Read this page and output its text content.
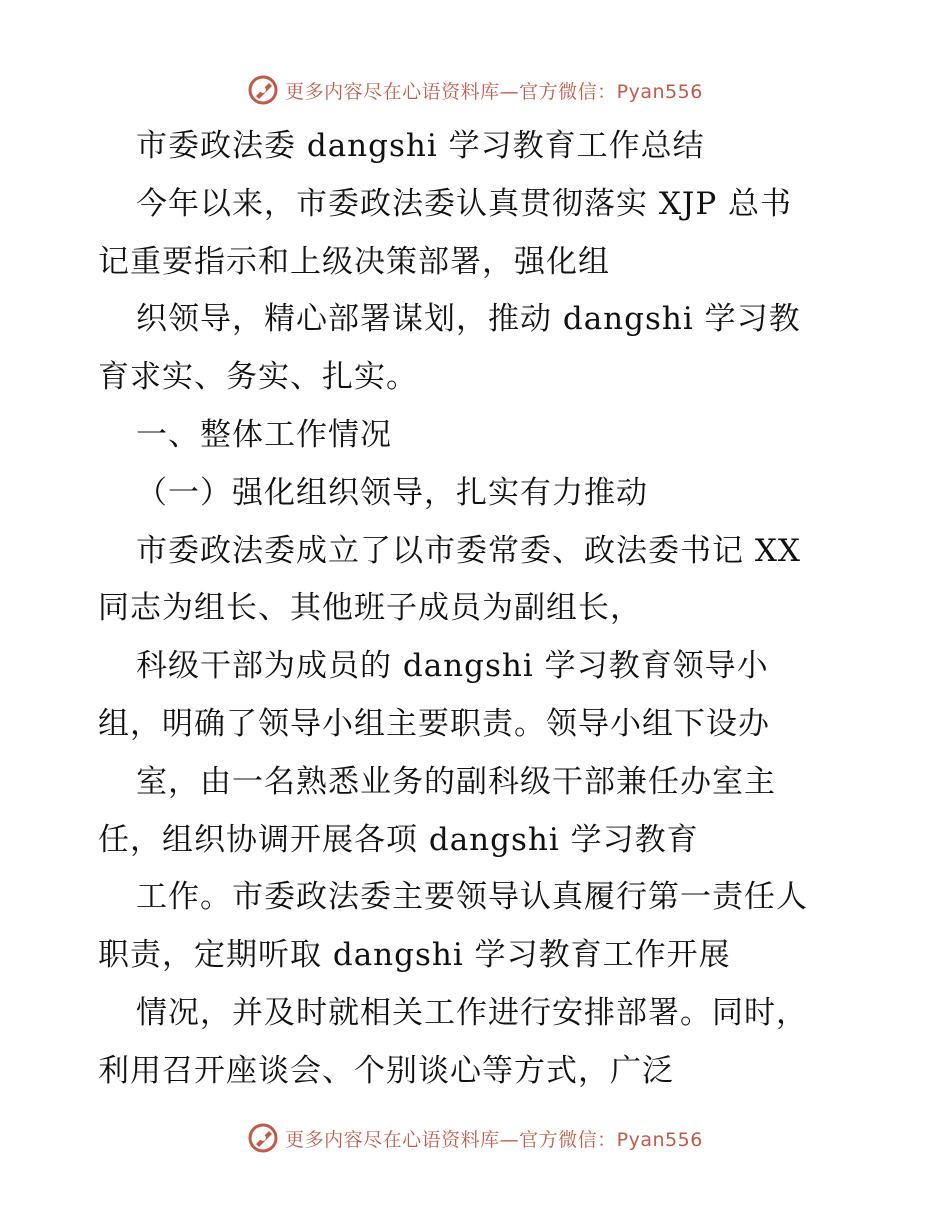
更多内容尽在心语资料库—官方微信：Pyan556
市委政法委 dangshi 学习教育工作总结
今年以来，市委政法委认真贯彻落实 XJP 总书
记重要指示和上级决策部署，强化组
织领导，精心部署谋划，推动 dangshi 学习教
育求实、务实、扎实。
一、整体工作情况
（一）强化组织领导，扎实有力推动
市委政法委成立了以市委常委、政法委书记 XX
同志为组长、其他班子成员为副组长，
科级干部为成员的 dangshi 学习教育领导小
组，明确了领导小组主要职责。领导小组下设办
室，由一名熟悉业务的副科级干部兼任办室主
任，组织协调开展各项 dangshi 学习教育
工作。市委政法委主要领导认真履行第一责任人
职责，定期听取 dangshi 学习教育工作开展
情况，并及时就相关工作进行安排部署。同时，
利用召开座谈会、个别谈心等方式，广泛
更多内容尽在心语资料库—官方微信：Pyan556
